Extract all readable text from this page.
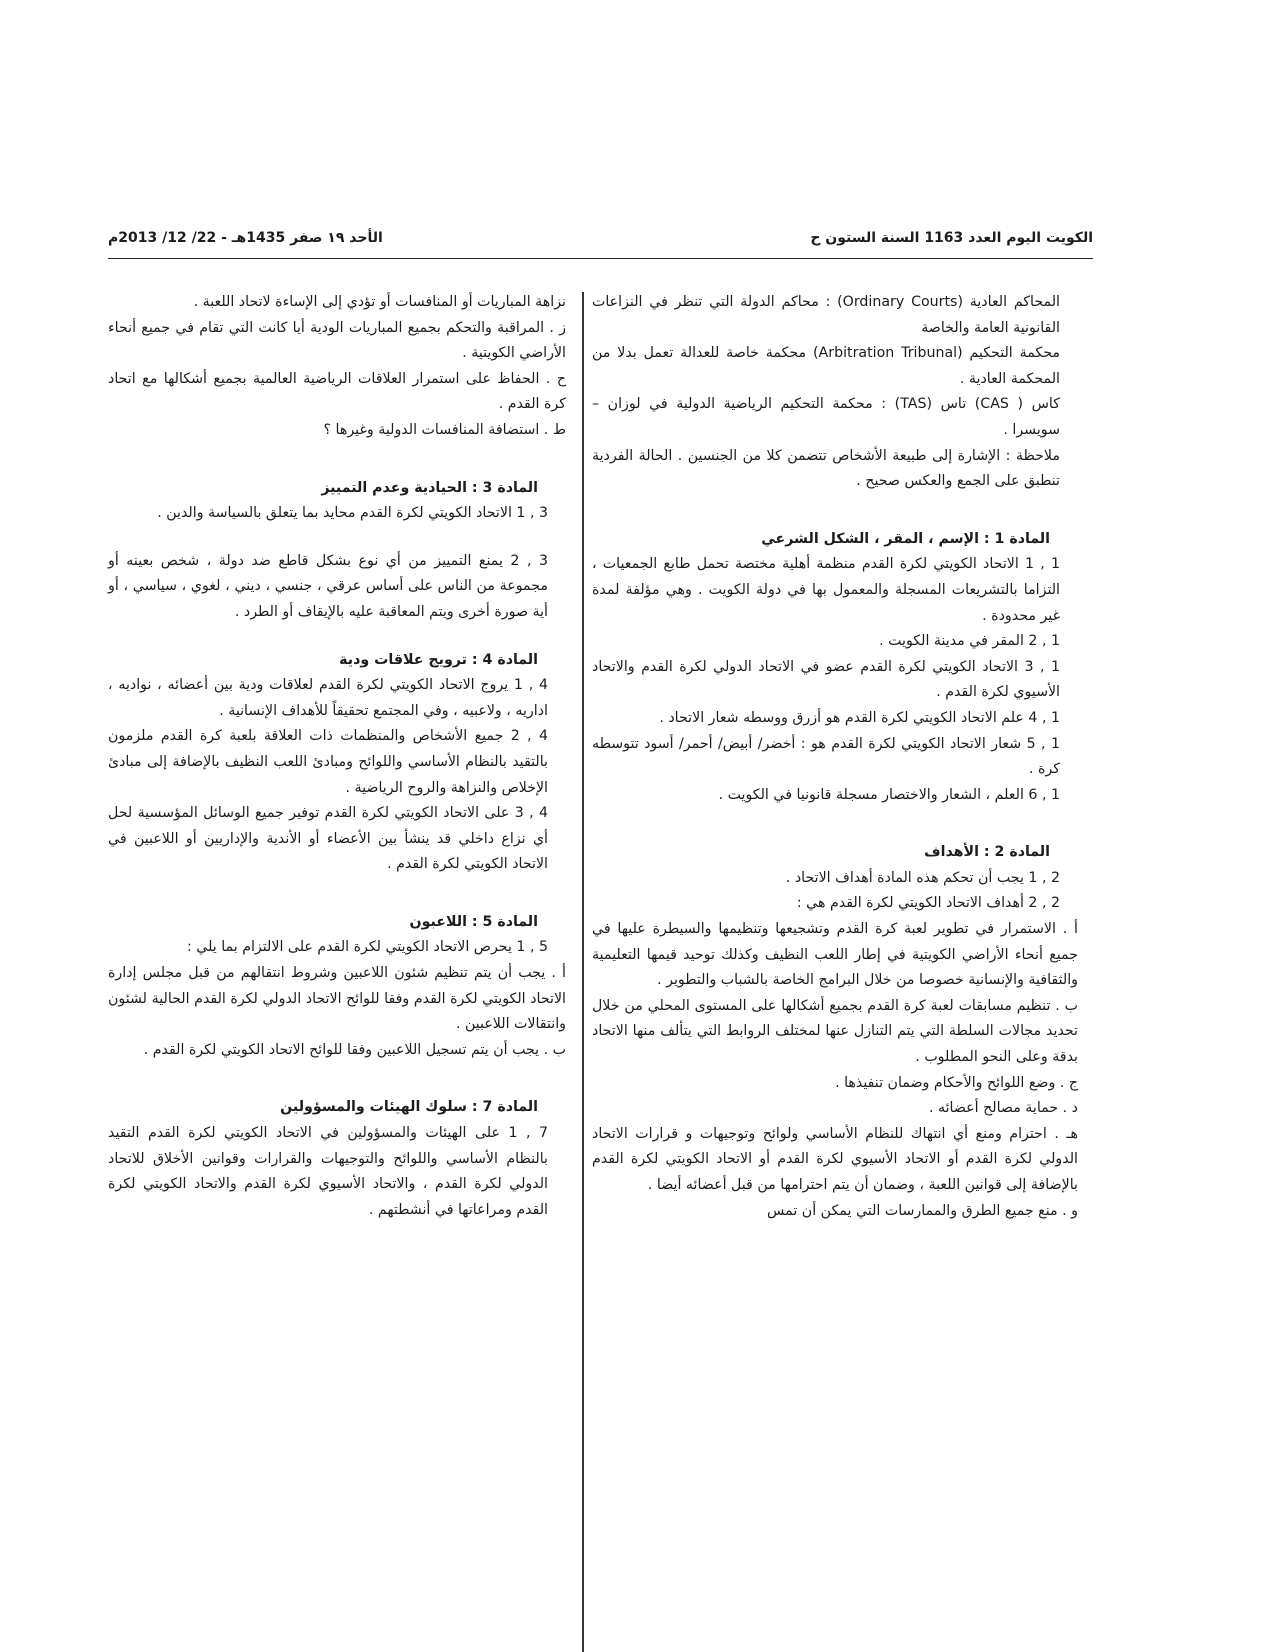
الكويت اليوم العدد 1163 السنة الستون ح
الأحد ١٩ صفر 1435هـ - 22/ 12/ 2013م

المحاكم العادية (Ordinary Courts) : محاكم الدولة التي تنظر في النزاعات القانونية العامة والخاصة

محكمة التحكيم (Arbitration Tribunal) محكمة خاصة للعدالة تعمل بدلا من المحكمة العادية .

كاس ( CAS) تاس (TAS) : محكمة التحكيم الرياضية الدولية في لوزان – سويسرا .

ملاحظة : الإشارة إلى طبيعة الأشخاص تتضمن كلا من الجنسين . الحالة الفردية تنطبق على الجمع والعكس صحيح .

المادة 1 : الإسم ، المقر ، الشكل الشرعي

1 , 1 الاتحاد الكويتي لكرة القدم منظمة أهلية مختصة تحمل طابع الجمعيات ، التزاما بالتشريعات المسجلة والمعمول بها في دولة الكويت . وهي مؤلفة لمدة غير محدودة .

1 , 2 المقر في مدينة الكويت .

1 , 3 الاتحاد الكويتي لكرة القدم عضو في الاتحاد الدولي لكرة القدم والاتحاد الأسيوي لكرة القدم .

1 , 4 علم الاتحاد الكويتي لكرة القدم هو أزرق ووسطه شعار الاتحاد .

1 , 5 شعار الاتحاد الكويتي لكرة القدم هو : أخضر/ أبيض/ أحمر/ أسود تتوسطه كرة .

1 , 6 العلم ، الشعار والاختصار مسجلة قانونيا في الكويت .

المادة 2 : الأهداف

2 , 1 يجب أن تحكم هذه المادة أهداف الاتحاد .

2 , 2 أهداف الاتحاد الكويتي لكرة القدم هي :

أ . الاستمرار في تطوير لعبة كرة القدم وتشجيعها وتنظيمها والسيطرة عليها في جميع أنحاء الأراضي الكويتية في إطار اللعب النظيف وكذلك توحيد قيمها التعليمية والثقافية والإنسانية خصوصا من خلال البرامج الخاصة بالشباب والتطوير .

ب . تنظيم مسابقات لعبة كرة القدم بجميع أشكالها على المستوى المحلي من خلال تحديد مجالات السلطة التي يتم التنازل عنها لمختلف الروابط التي يتألف منها الاتحاد بدقة وعلى النحو المطلوب .

ج . وضع اللوائح والأحكام وضمان تنفيذها .

د . حماية مصالح أعضائه .

هـ . احترام ومنع أي انتهاك للنظام الأساسي ولوائح وتوجيهات و قرارات الاتحاد الدولي لكرة القدم أو الاتحاد الأسيوي لكرة القدم أو الاتحاد الكويتي لكرة القدم بالإضافة إلى قوانين اللعبة ، وضمان أن يتم احترامها من قبل أعضائه أيضا .

و . منع جميع الطرق والممارسات التي يمكن أن تمس

نزاهة المباريات أو المنافسات أو تؤدي إلى الإساءة لاتحاد اللعبة .

ز . المراقبة والتحكم بجميع المباريات الودية أيا كانت التي تقام في جميع أنحاء الأراضي الكويتية .

ح . الحفاظ على استمرار العلاقات الرياضية العالمية بجميع أشكالها مع اتحاد كرة القدم .

ط . استضافة المنافسات الدولية وغيرها ؟

المادة 3 : الحيادية وعدم التمييز

3 , 1 الاتحاد الكويتي لكرة القدم محايد بما يتعلق بالسياسة والدين .

3 , 2 يمنع التمييز من أي نوع بشكل قاطع ضد دولة ، شخص بعينه أو مجموعة من الناس على أساس عرقي ، جنسي ، ديني ، لغوي ، سياسي ، أو أية صورة أخرى ويتم المعاقبة عليه بالإيقاف أو الطرد .

المادة 4 : ترويج علاقات ودية

4 , 1 يروج الاتحاد الكويتي لكرة القدم لعلاقات ودية بين أعضائه ، نواديه ، اداريه ، ولاعبيه ، وفي المجتمع تحقيقاً للأهداف الإنسانية .

4 , 2 جميع الأشخاص والمنظمات ذات العلاقة بلعبة كرة القدم ملزمون بالتقيد بالنظام الأساسي واللوائح ومبادئ اللعب النظيف بالإضافة إلى مبادئ الإخلاص والنزاهة والروح الرياضية .

4 , 3 على الاتحاد الكويتي لكرة القدم توفير جميع الوسائل المؤسسية لحل أي نزاع داخلي قد ينشأ بين الأعضاء أو الأندية والإداريين أو اللاعبين في الاتحاد الكويتي لكرة القدم .

المادة 5 : اللاعبون

5 , 1 يحرص الاتحاد الكويتي لكرة القدم على الالتزام بما يلي :

أ . يجب أن يتم تنظيم شئون اللاعبين وشروط انتقالهم من قبل مجلس إدارة الاتحاد الكويتي لكرة القدم وفقا للوائح الاتحاد الدولي لكرة القدم الحالية لشئون وانتقالات اللاعبين .

ب . يجب أن يتم تسجيل اللاعبين وفقا للوائح الاتحاد الكويتي لكرة القدم .

المادة 7 : سلوك الهيئات والمسؤولين

7 , 1 على الهيئات والمسؤولين في الاتحاد الكويتي لكرة القدم التقيد بالنظام الأساسي واللوائح والتوجيهات والقرارات وقوانين الأخلاق للاتحاد الدولي لكرة القدم ، والاتحاد الأسيوي لكرة القدم والاتحاد الكويتي لكرة القدم ومراعاتها في أنشطتهم .
